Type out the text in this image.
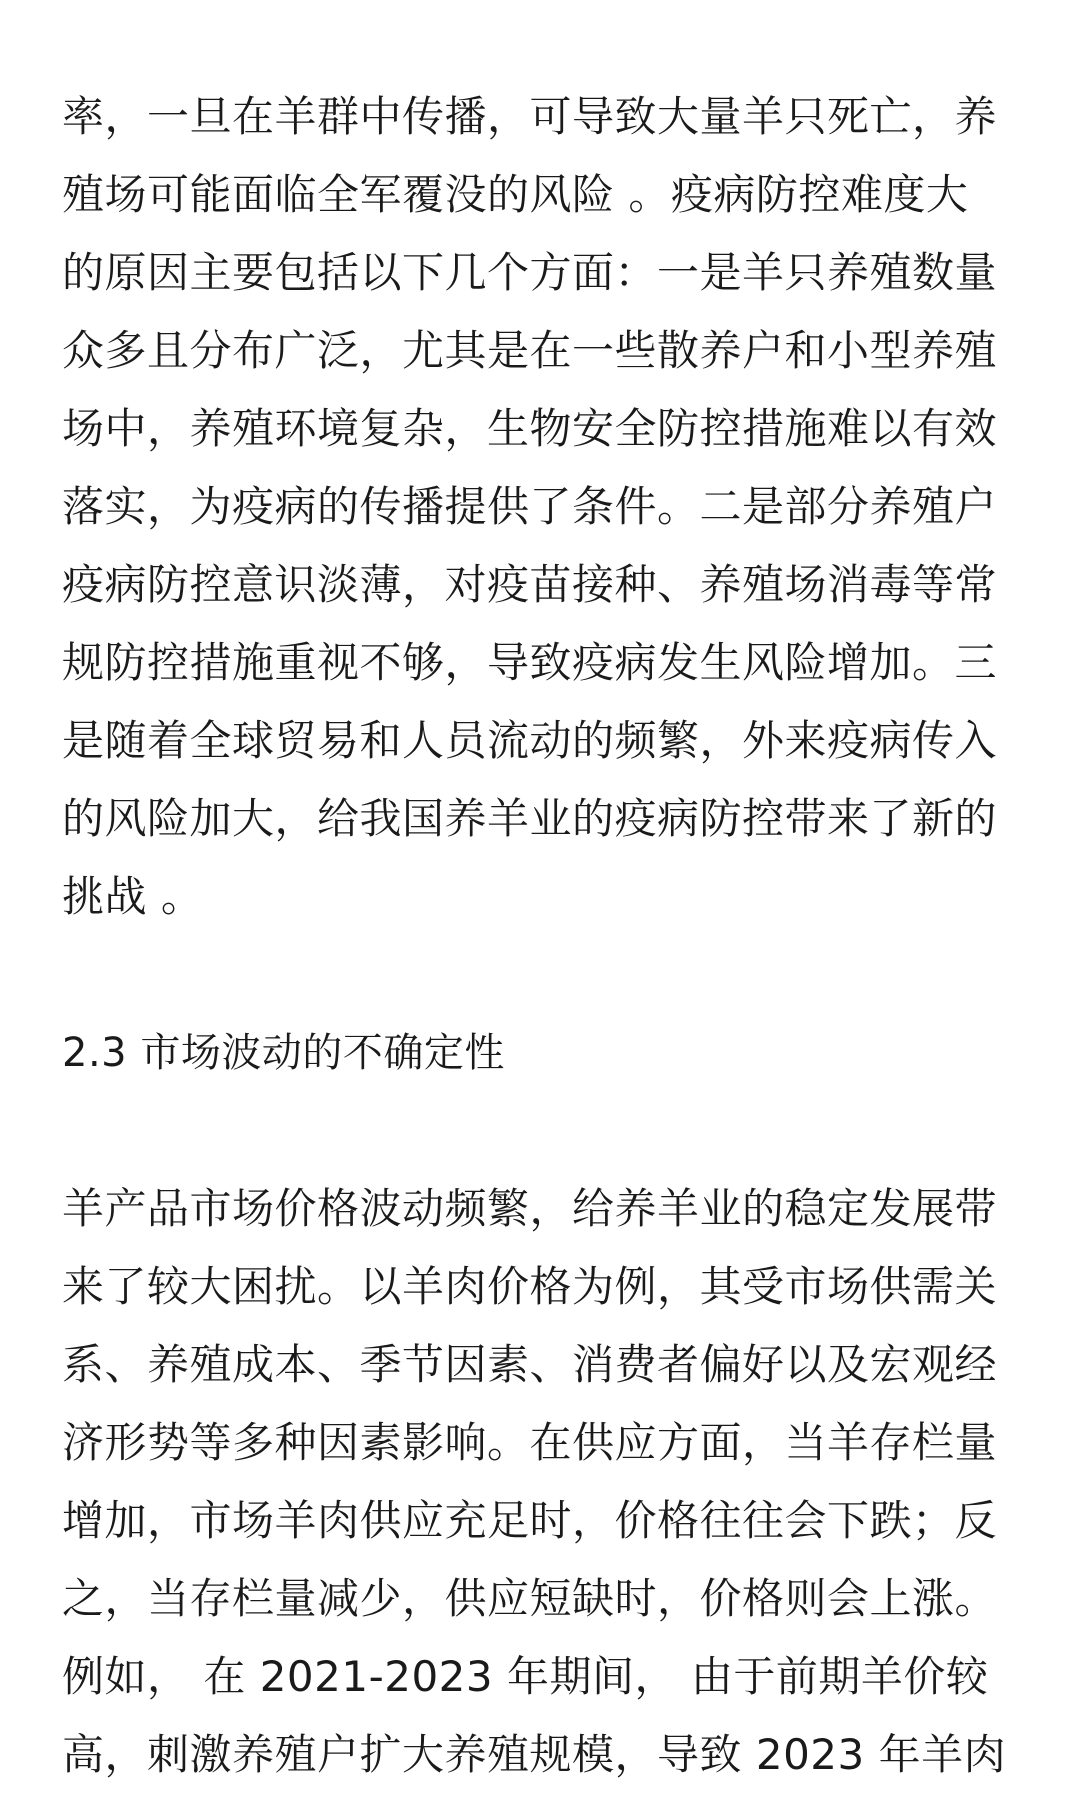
率，一旦在羊群中传播，可导致大量羊只死亡，养
殖场可能面临全军覆没的风险 。疫病防控难度大
的原因主要包括以下几个方面：一是羊只养殖数量
众多且分布广泛，尤其是在一些散养户和小型养殖
场中，养殖环境复杂，生物安全防控措施难以有效
落实，为疫病的传播提供了条件。二是部分养殖户
疫病防控意识淡薄，对疫苗接种、养殖场消毒等常
规防控措施重视不够，导致疫病发生风险增加。三
是随着全球贸易和人员流动的频繁，外来疫病传入
的风险加大，给我国养羊业的疫病防控带来了新的
挑战 。
2.3 市场波动的不确定性
羊产品市场价格波动频繁，给养羊业的稳定发展带
来了较大困扰。以羊肉价格为例，其受市场供需关
系、养殖成本、季节因素、消费者偏好以及宏观经
济形势等多种因素影响。在供应方面，当羊存栏量
增加，市场羊肉供应充足时，价格往往会下跌；反
之，当存栏量减少，供应短缺时，价格则会上涨。
例如， 在 2021-2023 年期间， 由于前期羊价较
高，刺激养殖户扩大养殖规模，导致 2023 年羊肉
